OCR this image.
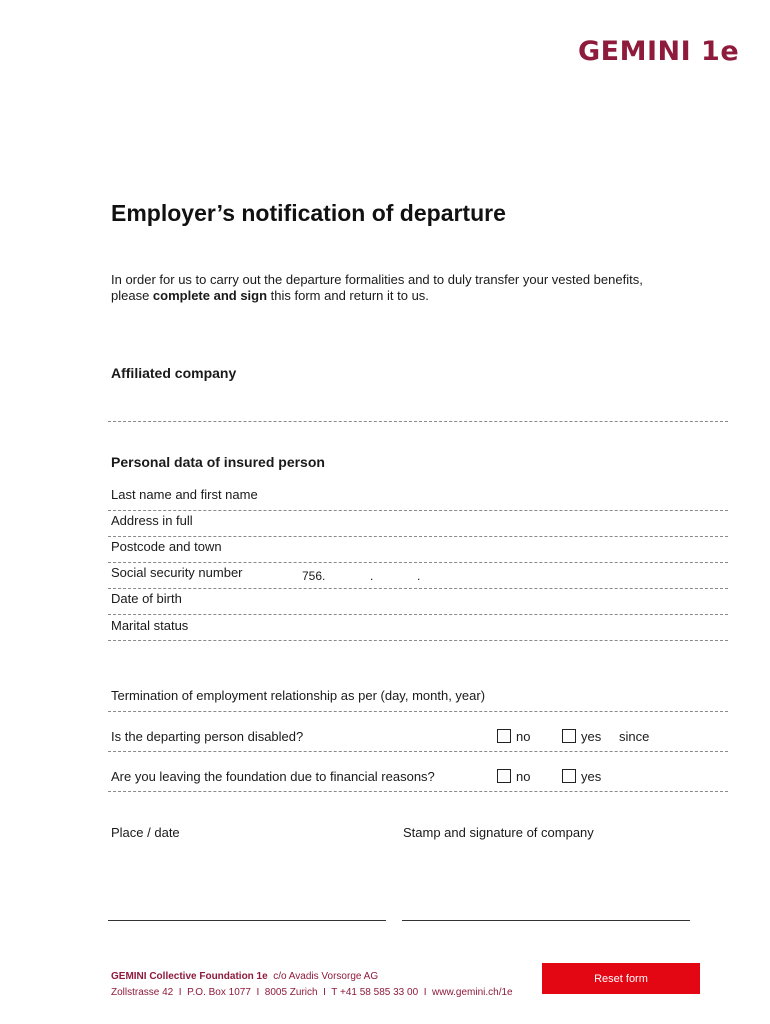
GEMINI 1e
Employer’s notification of departure
In order for us to carry out the departure formalities and to duly transfer your vested benefits,
please complete and sign this form and return it to us.
Affiliated company
Personal data of insured person
Last name and first name
Address in full
Postcode and town
Social security number	756.	.	.
Date of birth
Marital status
Termination of employment relationship as per (day, month, year)
Is the departing person disabled?	no	yes since
Are you leaving the foundation due to financial reasons?	no	yes
Place / date	Stamp and signature of company
GEMINI Collective Foundation 1e  c/o Avadis Vorsorge AG
Zollstrasse 42  I  P.O. Box 1077  I  8005 Zurich  I  T +41 58 585 33 00  I  www.gemini.ch/1e
Reset form
